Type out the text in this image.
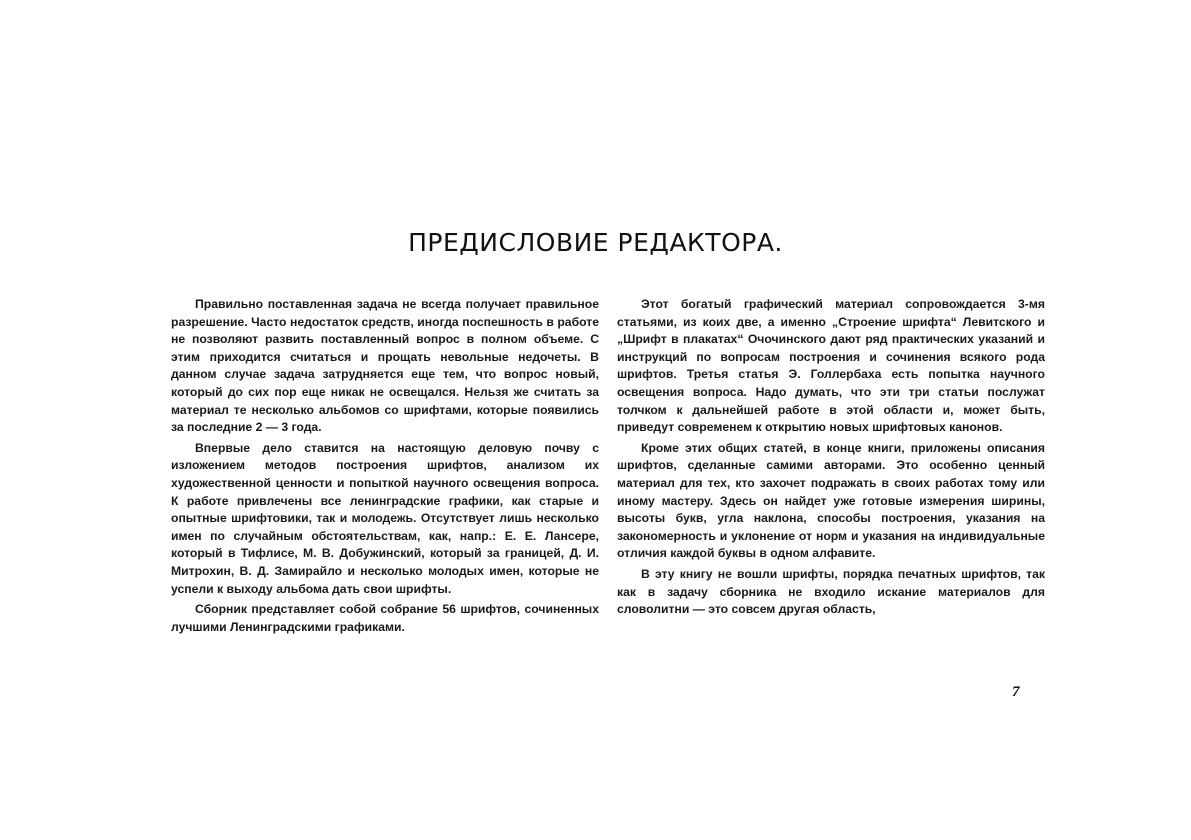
ПРЕДИСЛОВИЕ РЕДАКТОРА.

Правильно поставленная задача не всегда получает правильное разрешение. Часто недостаток средств, иногда поспешность в работе не позволяют развить поставленный вопрос в полном объеме. С этим приходится считаться и прощать невольные недочеты. В данном случае задача затрудняется еще тем, что вопрос новый, который до сих пор еще никак не освещался. Нельзя же считать за материал те несколько альбомов со шрифтами, которые появились за последние 2 — 3 года.

Впервые дело ставится на настоящую деловую почву с изложением методов построения шрифтов, анализом их художественной ценности и попыткой научного освещения вопроса. К работе привлечены все ленинградские графики, как старые и опытные шрифтовики, так и молодежь. Отсутствует лишь несколько имен по случайным обстоятельствам, как, напр.: Е. Е. Лансере, который в Тифлисе, М. В. Добужинский, который за границей, Д. И. Митрохин, В. Д. Замирайло и несколько молодых имен, которые не успели к выходу альбома дать свои шрифты.

Сборник представляет собой собрание 56 шрифтов, сочиненных лучшими Ленинградскими графиками.

Этот богатый графический материал сопровождается 3-мя статьями, из коих две, а именно „Строение шрифта“ Левитского и „Шрифт в плакатах“ Очочинского дают ряд практических указаний и инструкций по вопросам построения и сочинения всякого рода шрифтов. Третья статья Э. Голлербаха есть попытка научного освещения вопроса. Надо думать, что эти три статьи послужат толчком к дальнейшей работе в этой области и, может быть, приведут современем к открытию новых шрифтовых канонов.

Кроме этих общих статей, в конце книги, приложены описания шрифтов, сделанные самими авторами. Это особенно ценный материал для тех, кто захочет подражать в своих работах тому или иному мастеру. Здесь он найдет уже готовые измерения ширины, высоты букв, угла наклона, способы построения, указания на закономерность и уклонение от норм и указания на индивидуальные отличия каждой буквы в одном алфавите.

В эту книгу не вошли шрифты, порядка печатных шрифтов, так как в задачу сборника не входило искание материалов для словолитни — это совсем другая область,

7
